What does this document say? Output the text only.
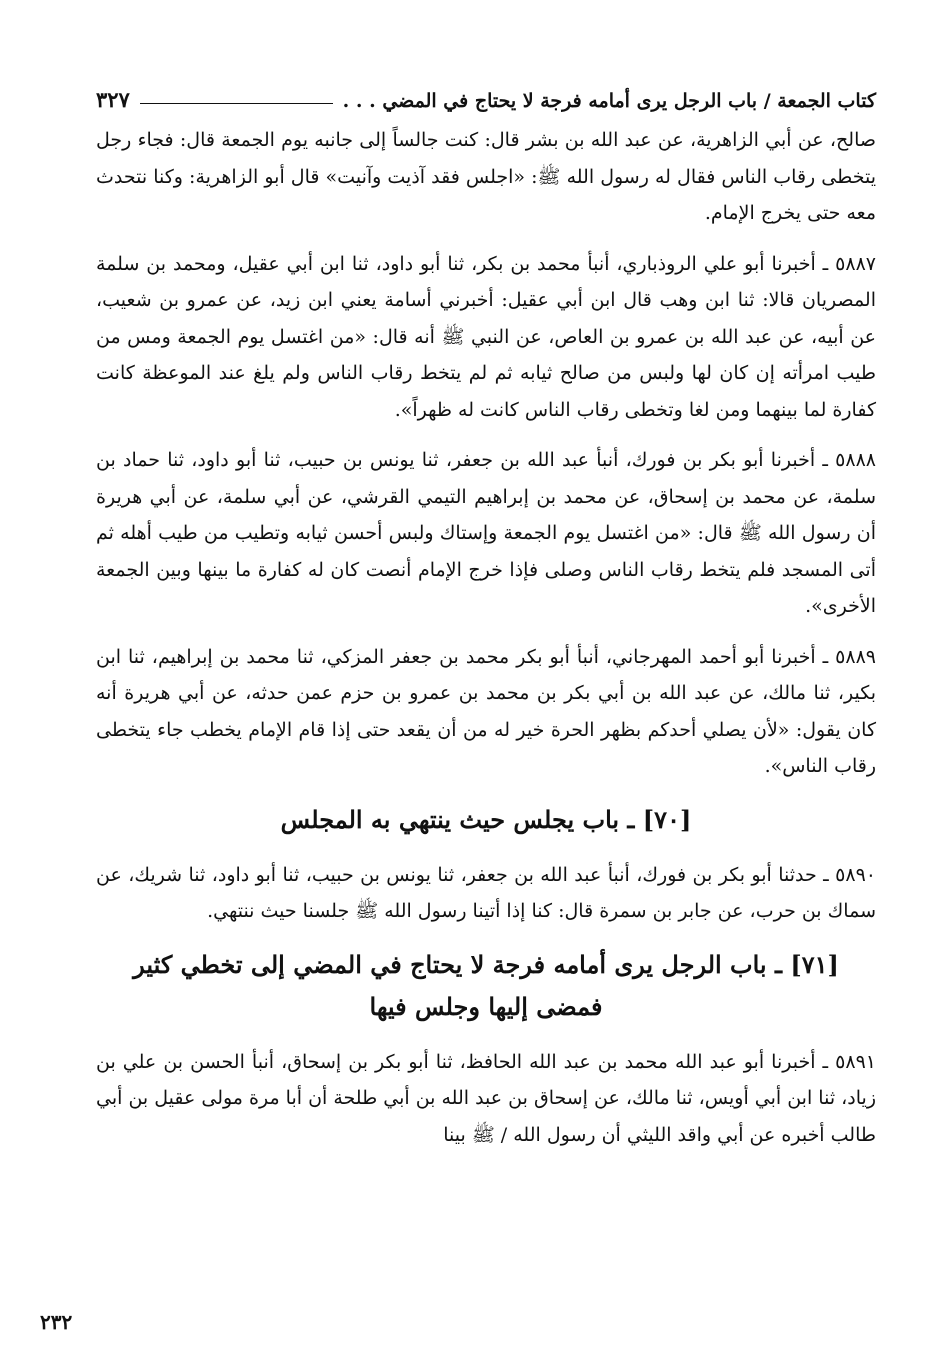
كتاب الجمعة / باب الرجل يرى أمامه فرجة لا يحتاج في المضي . . .
٣٢٧

صالح، عن أبي الزاهرية، عن عبد الله بن بشر قال: كنت جالساً إلى جانبه يوم الجمعة قال: فجاء رجل يتخطى رقاب الناس فقال له رسول الله ﷺ: «اجلس فقد آذيت وآنيت» قال أبو الزاهرية: وكنا نتحدث معه حتى يخرج الإمام.

٥٨٨٧ ـ أخبرنا أبو علي الروذباري، أنبأ محمد بن بكر، ثنا أبو داود، ثنا ابن أبي عقيل، ومحمد بن سلمة المصريان قالا: ثنا ابن وهب قال ابن أبي عقيل: أخبرني أسامة يعني ابن زيد، عن عمرو بن شعيب، عن أبيه، عن عبد الله بن عمرو بن العاص، عن النبي ﷺ أنه قال: «من اغتسل يوم الجمعة ومس من طيب امرأته إن كان لها ولبس من صالح ثيابه ثم لم يتخط رقاب الناس ولم يلغ عند الموعظة كانت كفارة لما بينهما ومن لغا وتخطى رقاب الناس كانت له ظهراً».

٥٨٨٨ ـ أخبرنا أبو بكر بن فورك، أنبأ عبد الله بن جعفر، ثنا يونس بن حبيب، ثنا أبو داود، ثنا حماد بن سلمة، عن محمد بن إسحاق، عن محمد بن إبراهيم التيمي القرشي، عن أبي سلمة، عن أبي هريرة أن رسول الله ﷺ قال: «من اغتسل يوم الجمعة وإستاك ولبس أحسن ثيابه وتطيب من طيب أهله ثم أتى المسجد فلم يتخط رقاب الناس وصلى فإذا خرج الإمام أنصت كان له كفارة ما بينها وبين الجمعة الأخرى».

٥٨٨٩ ـ أخبرنا أبو أحمد المهرجاني، أنبأ أبو بكر محمد بن جعفر المزكي، ثنا محمد بن إبراهيم، ثنا ابن بكير، ثنا مالك، عن عبد الله بن أبي بكر بن محمد بن عمرو بن حزم عمن حدثه، عن أبي هريرة أنه كان يقول: «لأن يصلي أحدكم بظهر الحرة خير له من أن يقعد حتى إذا قام الإمام يخطب جاء يتخطى رقاب الناس».

[٧٠] ـ باب يجلس حيث ينتهي به المجلس

٥٨٩٠ ـ حدثنا أبو بكر بن فورك، أنبأ عبد الله بن جعفر، ثنا يونس بن حبيب، ثنا أبو داود، ثنا شريك، عن سماك بن حرب، عن جابر بن سمرة قال: كنا إذا أتينا رسول الله ﷺ جلسنا حيث ننتهي.

[٧١] ـ باب الرجل يرى أمامه فرجة لا يحتاج في المضي إلى تخطي كثير فمضى إليها وجلس فيها

٥٨٩١ ـ أخبرنا أبو عبد الله محمد بن عبد الله الحافظ، ثنا أبو بكر بن إسحاق، أنبأ الحسن بن علي بن زياد، ثنا ابن أبي أويس، ثنا مالك، عن إسحاق بن عبد الله بن أبي طلحة أن أبا مرة مولى عقيل بن أبي طالب أخبره عن أبي واقد الليثي أن رسول الله / ﷺ بينا

٢٣٢
